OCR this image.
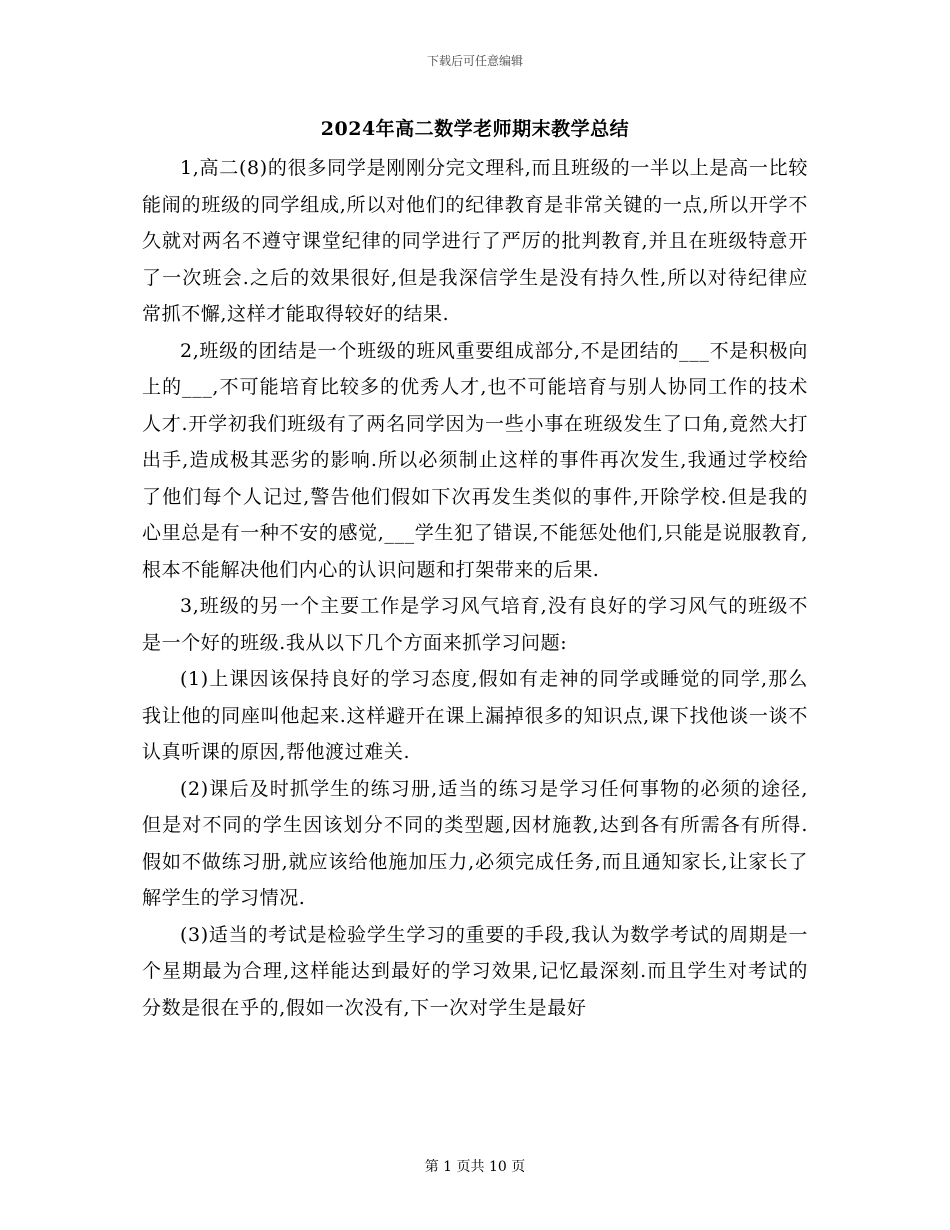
下载后可任意编辑
2024年高二数学老师期末教学总结

1,高二(8)的很多同学是刚刚分完文理科,而且班级的一半以上是高一比较能闹的班级的同学组成,所以对他们的纪律教育是非常关键的一点,所以开学不久就对两名不遵守课堂纪律的同学进行了严厉的批判教育,并且在班级特意开了一次班会.之后的效果很好,但是我深信学生是没有持久性,所以对待纪律应常抓不懈,这样才能取得较好的结果.

2,班级的团结是一个班级的班风重要组成部分,不是团结的___不是积极向上的___,不可能培育比较多的优秀人才,也不可能培育与别人协同工作的技术人才.开学初我们班级有了两名同学因为一些小事在班级发生了口角,竟然大打出手,造成极其恶劣的影响.所以必须制止这样的事件再次发生,我通过学校给了他们每个人记过,警告他们假如下次再发生类似的事件,开除学校.但是我的心里总是有一种不安的感觉,___学生犯了错误,不能惩处他们,只能是说服教育,根本不能解决他们内心的认识问题和打架带来的后果.

3,班级的另一个主要工作是学习风气培育,没有良好的学习风气的班级不是一个好的班级.我从以下几个方面来抓学习问题:

(1)上课因该保持良好的学习态度,假如有走神的同学或睡觉的同学,那么我让他的同座叫他起来.这样避开在课上漏掉很多的知识点,课下找他谈一谈不认真听课的原因,帮他渡过难关.

(2)课后及时抓学生的练习册,适当的练习是学习任何事物的必须的途径,但是对不同的学生因该划分不同的类型题,因材施教,达到各有所需各有所得.假如不做练习册,就应该给他施加压力,必须完成任务,而且通知家长,让家长了解学生的学习情况.

(3)适当的考试是检验学生学习的重要的手段,我认为数学考试的周期是一个星期最为合理,这样能达到最好的学习效果,记忆最深刻.而且学生对考试的分数是很在乎的,假如一次没有,下一次对学生是最好

第 1 页共 10 页
